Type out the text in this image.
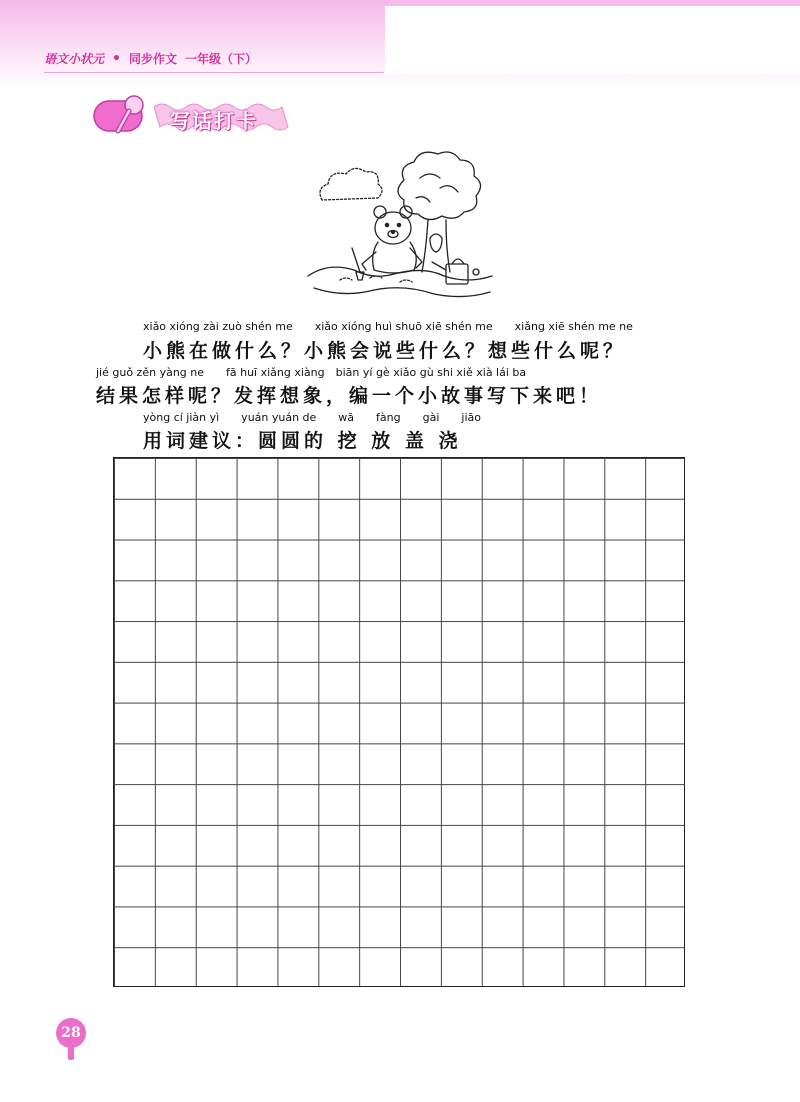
语文小状元 • 同步作文 一年级（下）
写话打卡
xiǎo xióng zài zuò shén me　　xiǎo xióng huì shuō xiē shén me　　xiǎng xiē shén me ne
小熊在做什么？小熊会说些什么？想些什么呢？
jié guǒ zěn yàng ne　　fā huī xiǎng xiàng　biān yí gè xiǎo gù shi xiě xià lái ba
结果怎样呢？发挥想象，编一个小故事写下来吧！
yòng cí jiàn yì　　yuán yuán de　　wā　　fàng　　gài　　jiāo
用词建议：圆圆的 挖 放 盖 浇
28
